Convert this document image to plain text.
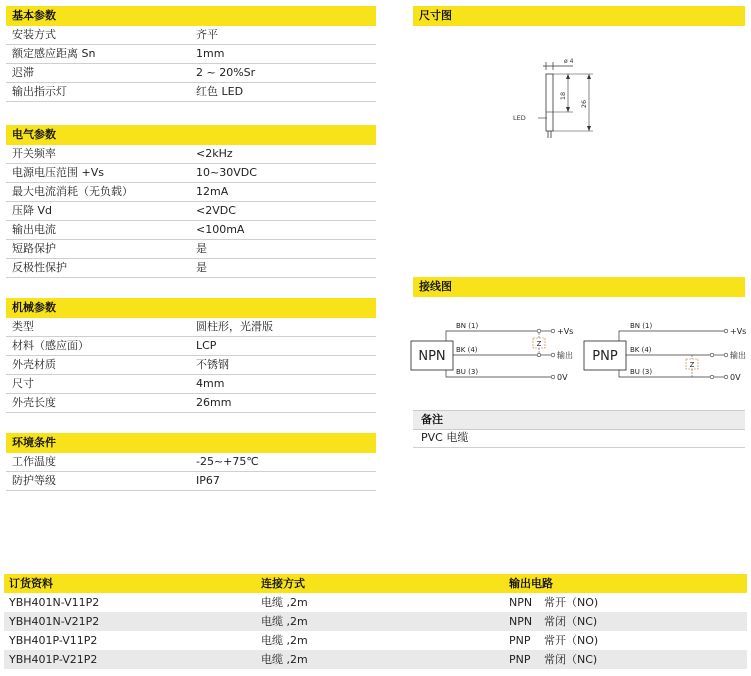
基本参数
安装方式	齐平
额定感应距离 Sn	1mm
迟滞	2 ~ 20%Sr
输出指示灯	红色 LED
电气参数
开关频率	<2kHz
电源电压范围 +Vs	10~30VDC
最大电流消耗（无负载）	12mA
压降 Vd	<2VDC
输出电流	<100mA
短路保护	是
反极性保护	是
机械参数
类型	圆柱形，光滑版
材料（感应面）	LCP
外壳材质	不锈钢
尺寸	4mm
外壳长度	26mm
环境条件
工作温度	-25~+75℃
防护等级	IP67
尺寸图
ø 4
18
26
LED
接线图
NPN
BN (1)
BK (4)
BU (3)
Z
+Vs
输出
0V
PNP
BN (1)
BK (4)
BU (3)
Z
+Vs
输出
0V
备注
PVC 电缆
订货资料	连接方式	输出电路
YBH401N-V11P2	电缆 ,2m	NPN 常开（NO)
YBH401N-V21P2	电缆 ,2m	NPN 常闭（NC)
YBH401P-V11P2	电缆 ,2m	PNP 常开（NO)
YBH401P-V21P2	电缆 ,2m	PNP 常闭（NC)
